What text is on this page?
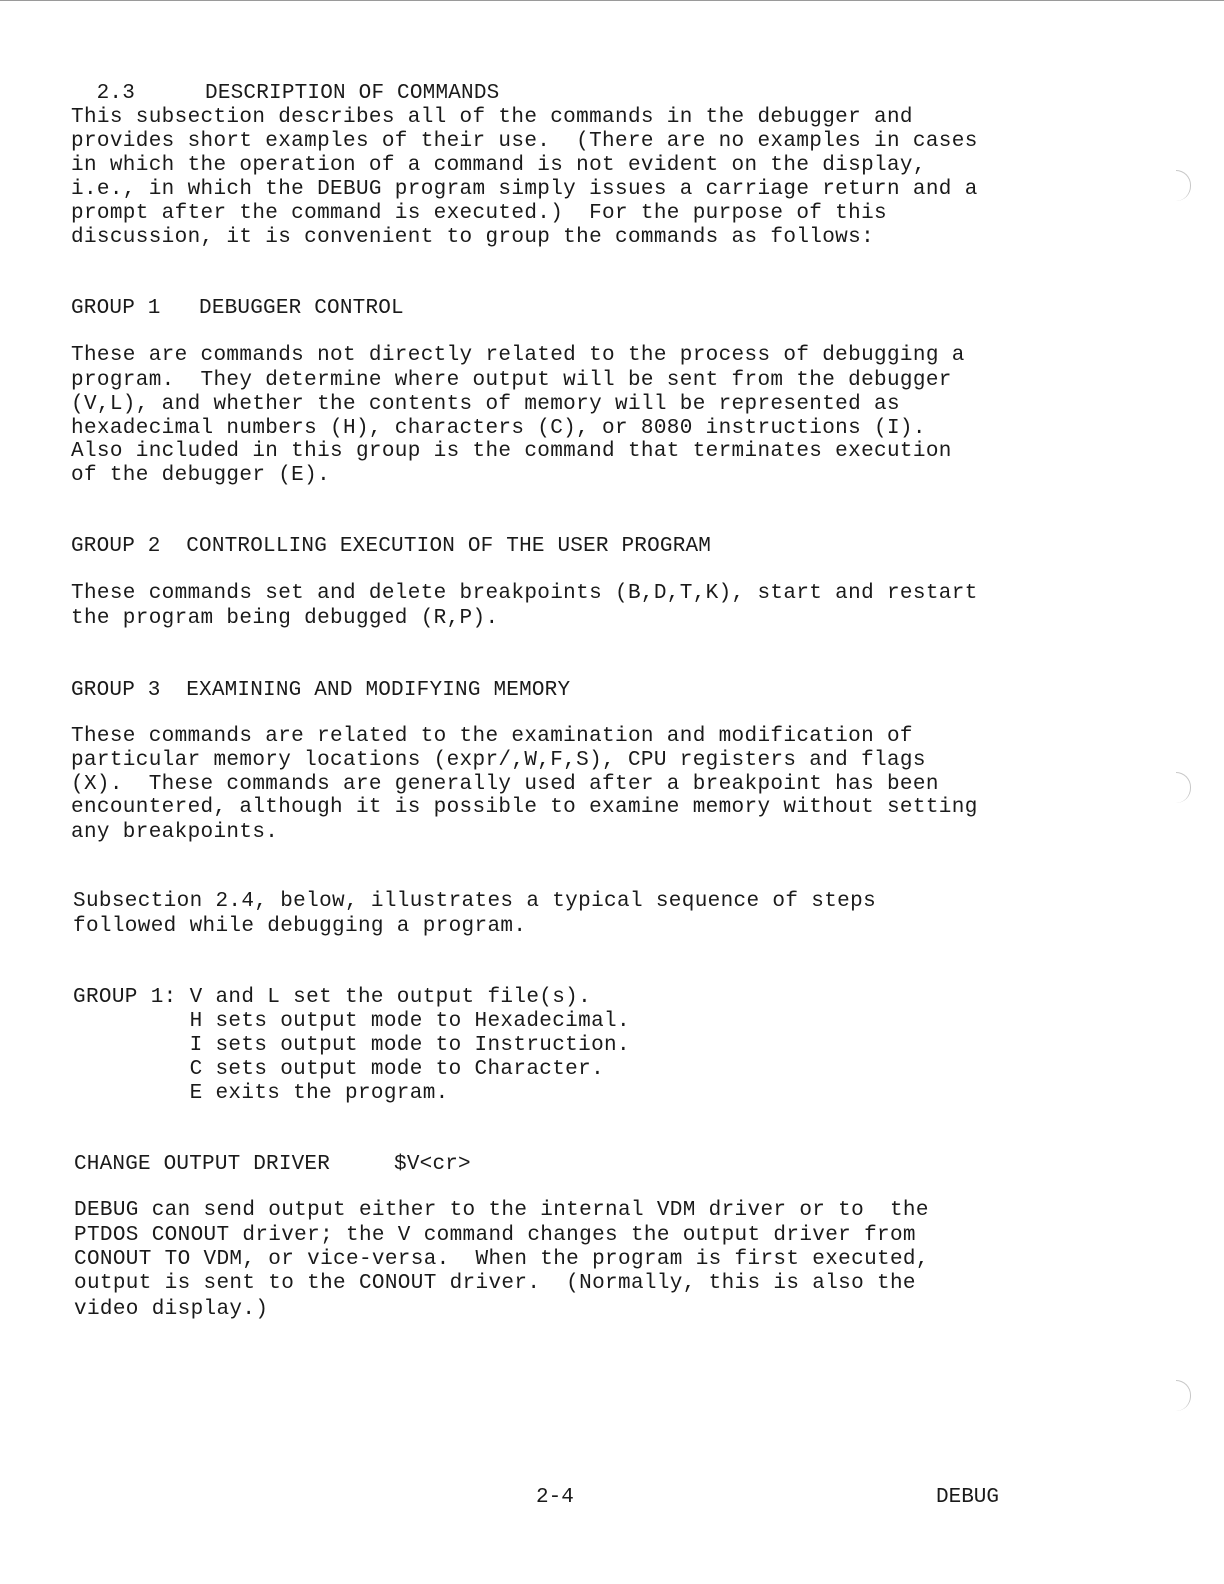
2.3	DESCRIPTION OF COMMANDS

This subsection describes all of the commands in the debugger and
provides short examples of their use.  (There are no examples in cases
in which the operation of a command is not evident on the display,
i.e., in which the DEBUG program simply issues a carriage return and a
prompt after the command is executed.)  For the purpose of this
discussion, it is convenient to group the commands as follows:
GROUP 1   DEBUGGER CONTROL
These are commands not directly related to the process of debugging a
program.  They determine where output will be sent from the debugger
(V,L), and whether the contents of memory will be represented as
hexadecimal numbers (H), characters (C), or 8080 instructions (I).
Also included in this group is the command that terminates execution
of the debugger (E).
GROUP 2  CONTROLLING EXECUTION OF THE USER PROGRAM
These commands set and delete breakpoints (B,D,T,K), start and restart
the program being debugged (R,P).
GROUP 3  EXAMINING AND MODIFYING MEMORY
These commands are related to the examination and modification of
particular memory locations (expr/,W,F,S), CPU registers and flags
(X).  These commands are generally used after a breakpoint has been
encountered, although it is possible to examine memory without setting
any breakpoints.
Subsection 2.4, below, illustrates a typical sequence of steps
followed while debugging a program.
GROUP 1: V and L set the output file(s).
H sets output mode to Hexadecimal.
I sets output mode to Instruction.
C sets output mode to Character.
E exits the program.
CHANGE OUTPUT DRIVER     $V<cr>
DEBUG can send output either to the internal VDM driver or to  the
PTDOS CONOUT driver; the V command changes the output driver from
CONOUT TO VDM, or vice-versa.  When the program is first executed,
output is sent to the CONOUT driver.  (Normally, this is also the
video display.)
2-4	DEBUG
